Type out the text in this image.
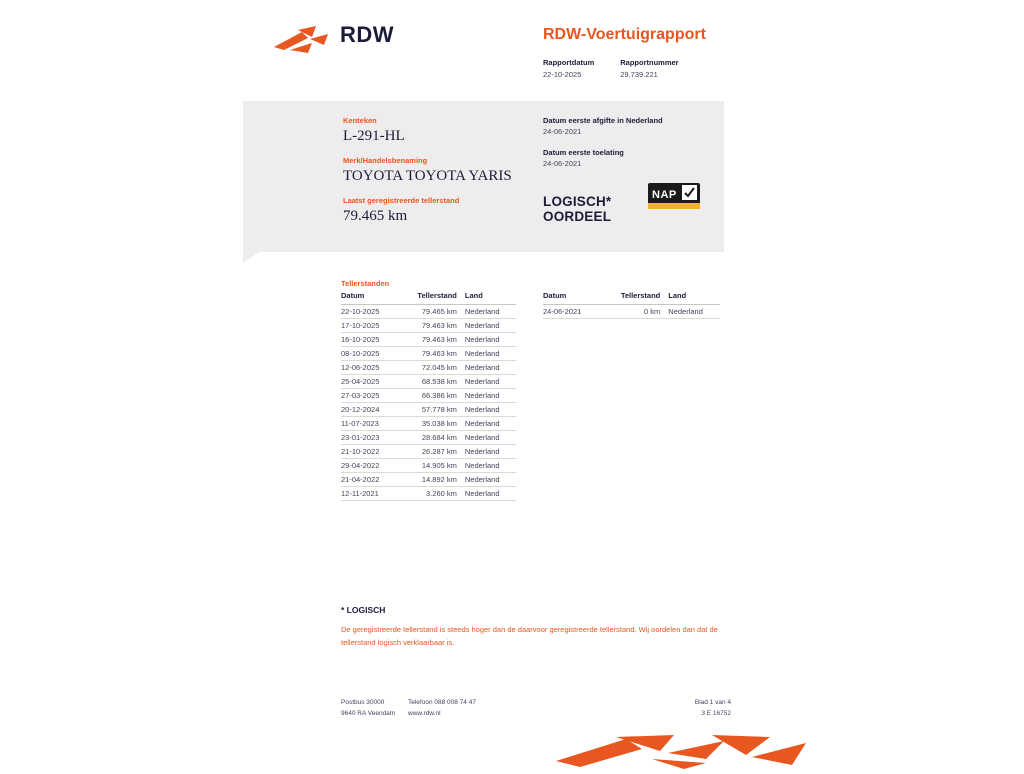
RDW	RDW-Voertuigrapport
Rapportdatum
22-10-2025
Rapportnummer
29.739.221
Kenteken
L-291-HL
Merk/Handelsbenaming
TOYOTA TOYOTA YARIS
Laatst geregistreerde tellerstand
79.465 km
Datum eerste afgifte in Nederland
24-06-2021
Datum eerste toelating
24-06-2021
LOGISCH*
OORDEEL
NAP
Tellerstanden
Datum	Tellerstand	Land
22-10-2025	79.465 km	Nederland
17-10-2025	79.463 km	Nederland
16-10-2025	79.463 km	Nederland
08-10-2025	79.463 km	Nederland
12-06-2025	72.045 km	Nederland
25-04-2025	68.538 km	Nederland
27-03-2025	66.386 km	Nederland
20-12-2024	57.778 km	Nederland
11-07-2023	35.038 km	Nederland
23-01-2023	28.684 km	Nederland
21-10-2022	26.287 km	Nederland
29-04-2022	14.905 km	Nederland
21-04-2022	14.892 km	Nederland
12-11-2021	3.260 km	Nederland
Datum	Tellerstand	Land
24-06-2021	0 km	Nederland
* LOGISCH
De geregistreerde tellerstand is steeds hoger dan de daarvoor geregistreerde tellerstand. Wij oordelen dan dat de tellerstand logisch verklaarbaar is.
Postbus 30000
9640 RA Veendam
Telefoon 088 008 74 47
www.rdw.nl
Blad 1 van 4
3 E 16752
